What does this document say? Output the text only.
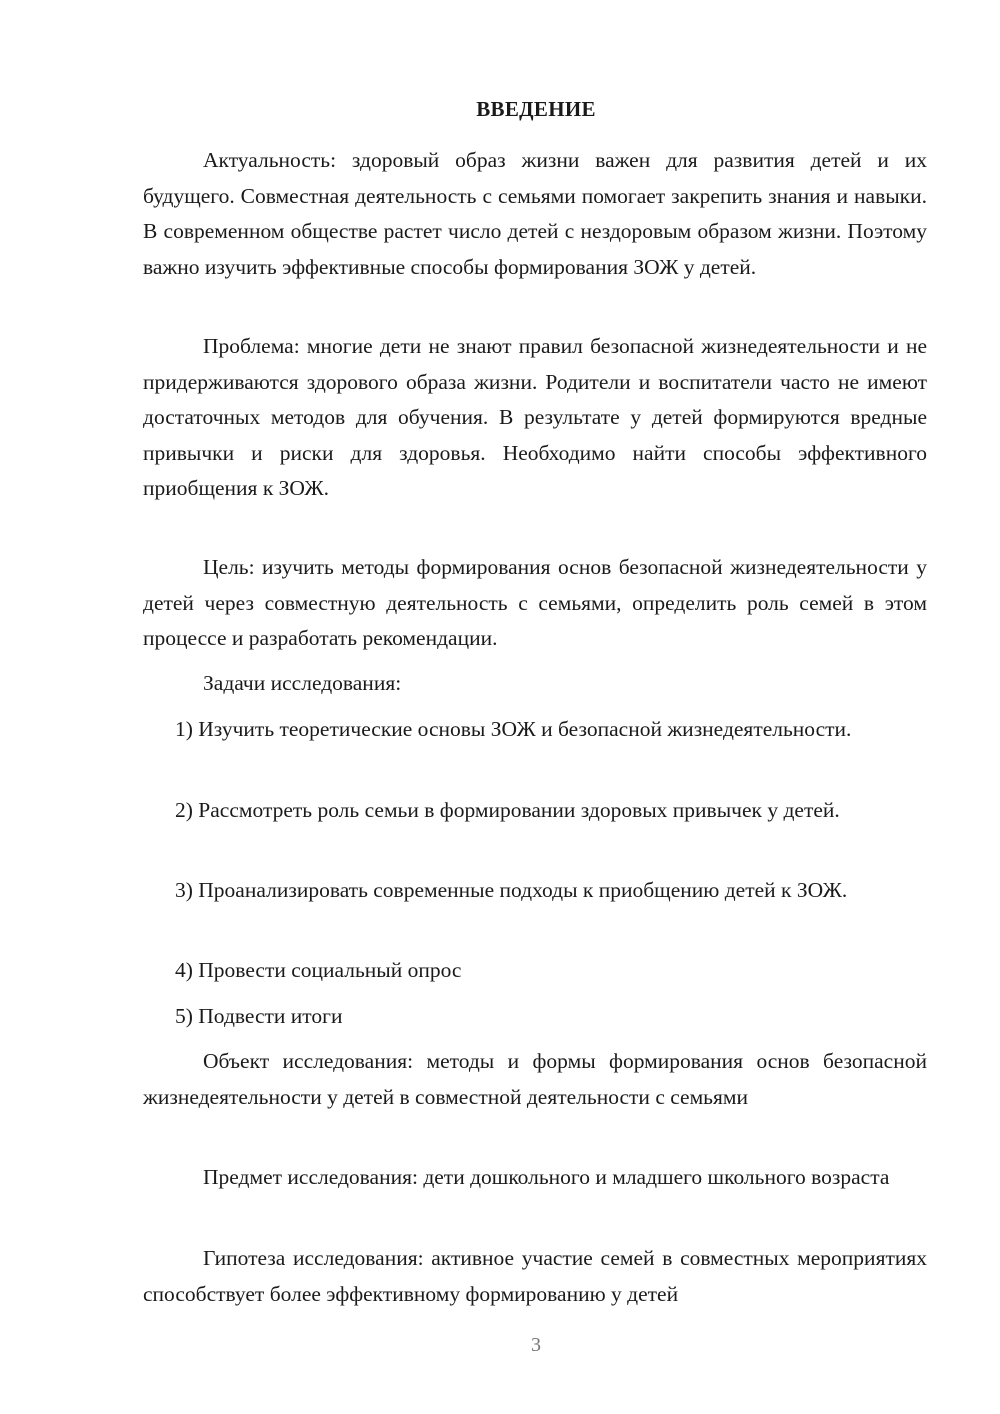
ВВЕДЕНИЕ

Актуальность: здоровый образ жизни важен для развития детей и их будущего. Совместная деятельность с семьями помогает закрепить знания и навыки. В современном обществе растет число детей с нездоровым образом жизни. Поэтому важно изучить эффективные способы формирования ЗОЖ у детей.

Проблема: многие дети не знают правил безопасной жизнедеятельности и не придерживаются здорового образа жизни. Родители и воспитатели часто не имеют достаточных методов для обучения. В результате у детей формируются вредные привычки и риски для здоровья. Необходимо найти способы эффективного приобщения к ЗОЖ.

Цель: изучить методы формирования основ безопасной жизнедеятельности у детей через совместную деятельность с семьями, определить роль семей в этом процессе и разработать рекомендации.

Задачи исследования:

1) Изучить теоретические основы ЗОЖ и безопасной жизнедеятельности.

2) Рассмотреть роль семьи в формировании здоровых привычек у детей.

3) Проанализировать современные подходы к приобщению детей к ЗОЖ.

4) Провести социальный опрос

5) Подвести итоги

Объект исследования: методы и формы формирования основ безопасной жизнедеятельности у детей в совместной деятельности с семьями

Предмет исследования: дети дошкольного и младшего школьного возраста

Гипотеза исследования: активное участие семей в совместных мероприятиях способствует более эффективному формированию у детей

3
